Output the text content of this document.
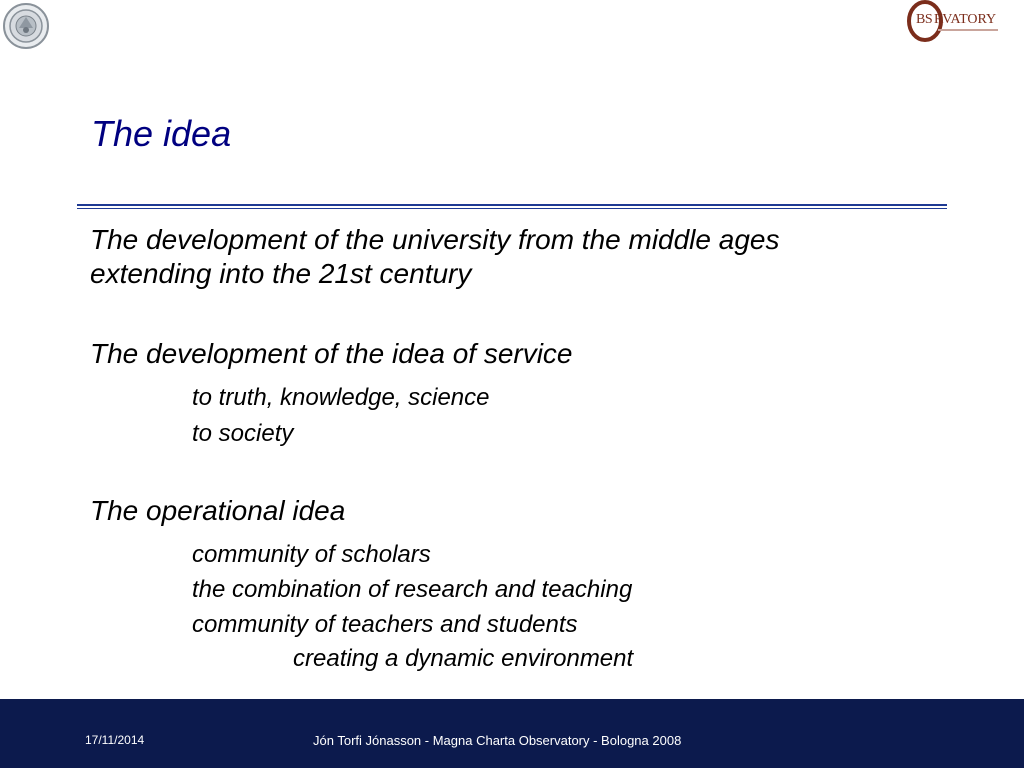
BS RVATORY
The idea
The development of the university from the middle ages
extending into the 21st century
The development of the idea of service
to truth, knowledge, science
to society
The operational idea
community of scholars
the combination of research and teaching
community of teachers and students
creating a dynamic environment
17/11/2014	Jón Torfi Jónasson - Magna Charta Observatory - Bologna 2008
